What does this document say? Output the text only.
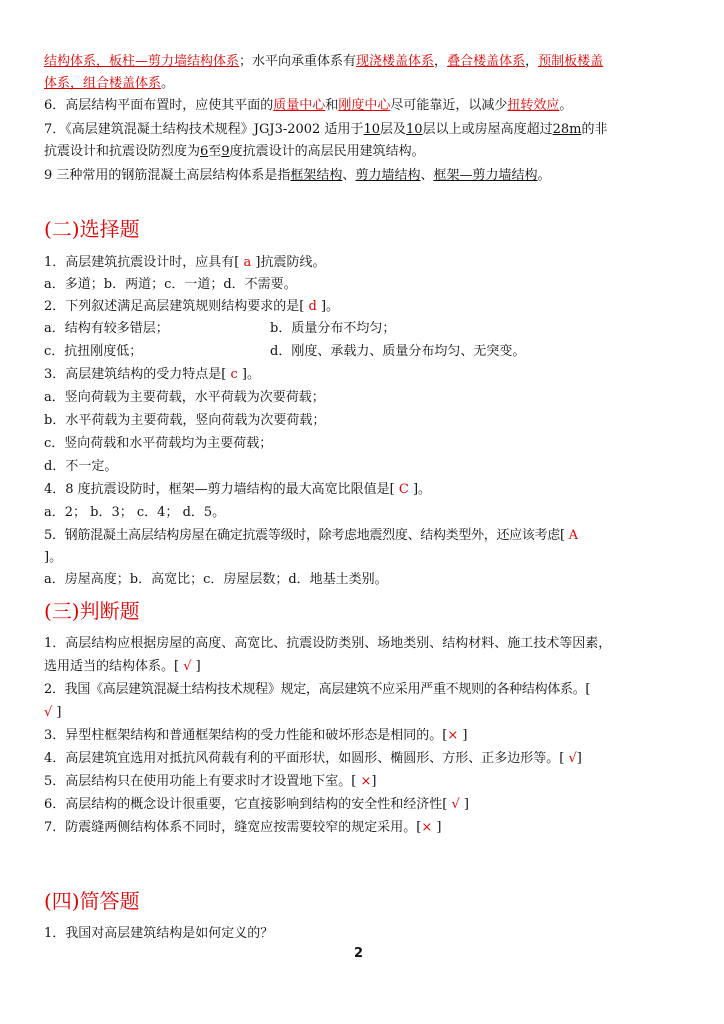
结构体系，板柱—剪力墙结构体系；水平向承重体系有现浇楼盖体系，叠合楼盖体系，预制板楼盖
体系，组合楼盖体系。
6．高层结构平面布置时，应使其平面的质量中心和刚度中心尽可能靠近，以减少扭转效应。
7．《高层建筑混凝土结构技术规程》JGJ3-2002 适用于10层及10层以上或房屋高度超过28m的非
抗震设计和抗震设防烈度为6至9度抗震设计的高层民用建筑结构。
9 三种常用的钢筋混凝土高层结构体系是指框架结构、剪力墙结构、框架—剪力墙结构。
(二)选择题
1．高层建筑抗震设计时，应具有[ a ]抗震防线。
a．多道；b．两道；c．一道；d．不需要。
2．下列叙述满足高层建筑规则结构要求的是[ d ]。
a．结构有较多错层；	b．质量分布不均匀；
c．抗扭刚度低；	d．刚度、承载力、质量分布均匀、无突变。
3．高层建筑结构的受力特点是[ c ]。
a．竖向荷载为主要荷载，水平荷载为次要荷载；
b．水平荷载为主要荷载，竖向荷载为次要荷载；
c．竖向荷载和水平荷载均为主要荷载；
d．不一定。
4．8 度抗震设防时，框架—剪力墙结构的最大高宽比限值是[ C ]。
a．2； b．3； c．4； d．5。
5．钢筋混凝土高层结构房屋在确定抗震等级时，除考虑地震烈度、结构类型外，还应该考虑[ A
]。
a．房屋高度；b．高宽比；c．房屋层数；d．地基土类别。
(三)判断题
1．高层结构应根据房屋的高度、高宽比、抗震设防类别、场地类别、结构材料、施工技术等因素，
选用适当的结构体系。[ √ ]
2．我国《高层建筑混凝土结构技术规程》规定，高层建筑不应采用严重不规则的各种结构体系。[
√ ]
3．异型柱框架结构和普通框架结构的受力性能和破坏形态是相同的。[× ]
4．高层建筑宜选用对抵抗风荷载有利的平面形状，如圆形、椭圆形、方形、正多边形等。[ √]
5．高层结构只在使用功能上有要求时才设置地下室。[ ×]
6．高层结构的概念设计很重要，它直接影响到结构的安全性和经济性[ √ ]
7．防震缝两侧结构体系不同时，缝宽应按需要较窄的规定采用。[× ]
(四)简答题
1．我国对高层建筑结构是如何定义的？
2
